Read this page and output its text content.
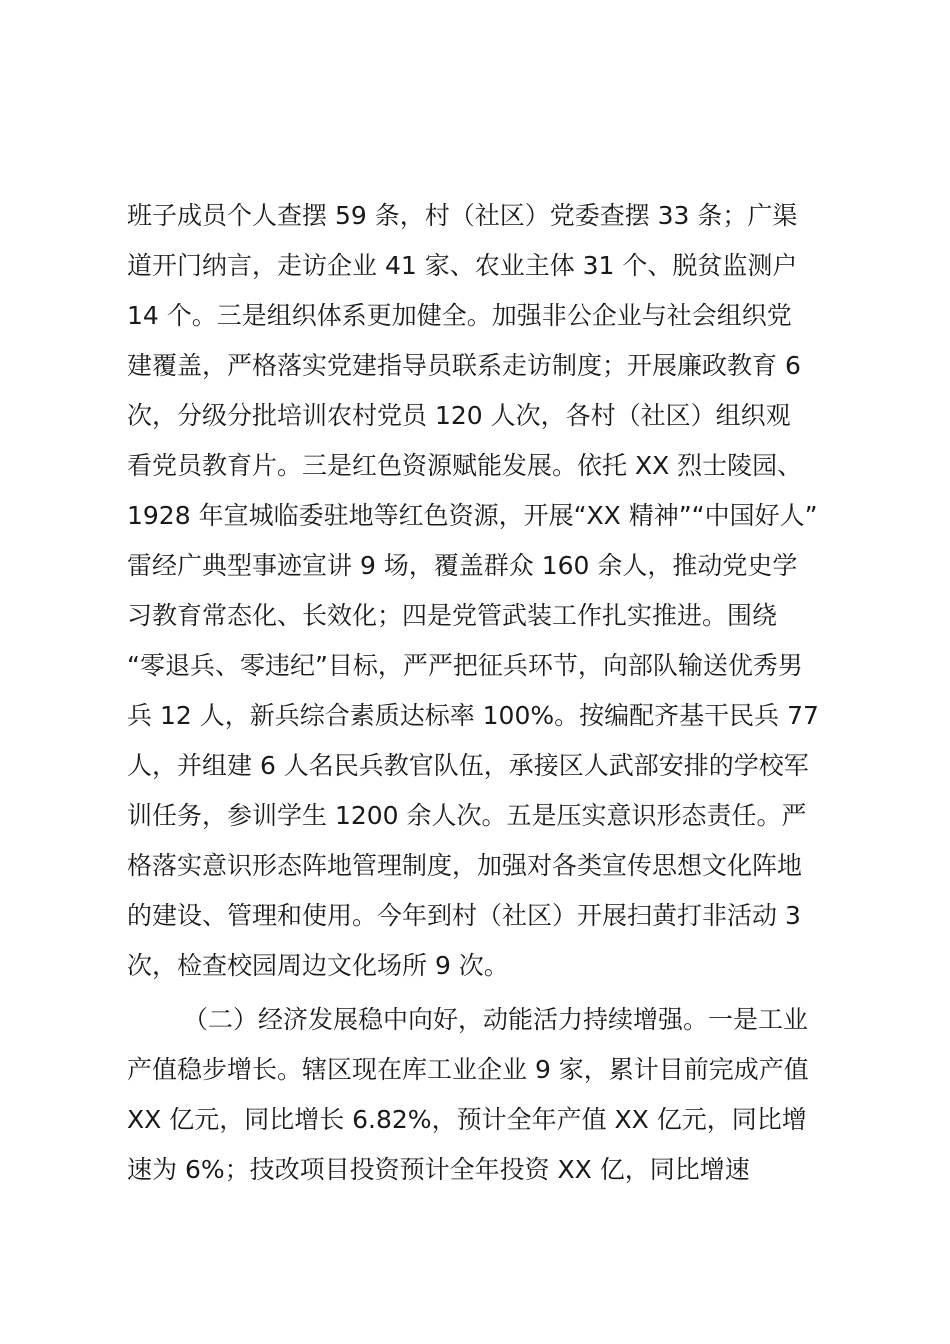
班子成员个人查摆 59 条，村（社区）党委查摆 33 条；广渠
道开门纳言，走访企业 41 家、农业主体 31 个、脱贫监测户
14 个。三是组织体系更加健全。加强非公企业与社会组织党
建覆盖，严格落实党建指导员联系走访制度；开展廉政教育 6
次，分级分批培训农村党员 120 人次，各村（社区）组织观
看党员教育片。三是红色资源赋能发展。依托 XX 烈士陵园、
1928 年宣城临委驻地等红色资源，开展“XX 精神”“中国好人”
雷经广典型事迹宣讲 9 场，覆盖群众 160 余人，推动党史学
习教育常态化、长效化；四是党管武装工作扎实推进。围绕
“零退兵、零违纪”目标，严严把征兵环节，向部队输送优秀男
兵 12 人，新兵综合素质达标率 100%。按编配齐基干民兵 77
人，并组建 6 人名民兵教官队伍，承接区人武部安排的学校军
训任务，参训学生 1200 余人次。五是压实意识形态责任。严
格落实意识形态阵地管理制度，加强对各类宣传思想文化阵地
的建设、管理和使用。今年到村（社区）开展扫黄打非活动 3
次，检查校园周边文化场所 9 次。
（二）经济发展稳中向好，动能活力持续增强。一是工业
产值稳步增长。辖区现在库工业企业 9 家，累计目前完成产值
XX 亿元，同比增长 6.82%，预计全年产值 XX 亿元，同比增
速为 6%；技改项目投资预计全年投资 XX 亿，同比增速
